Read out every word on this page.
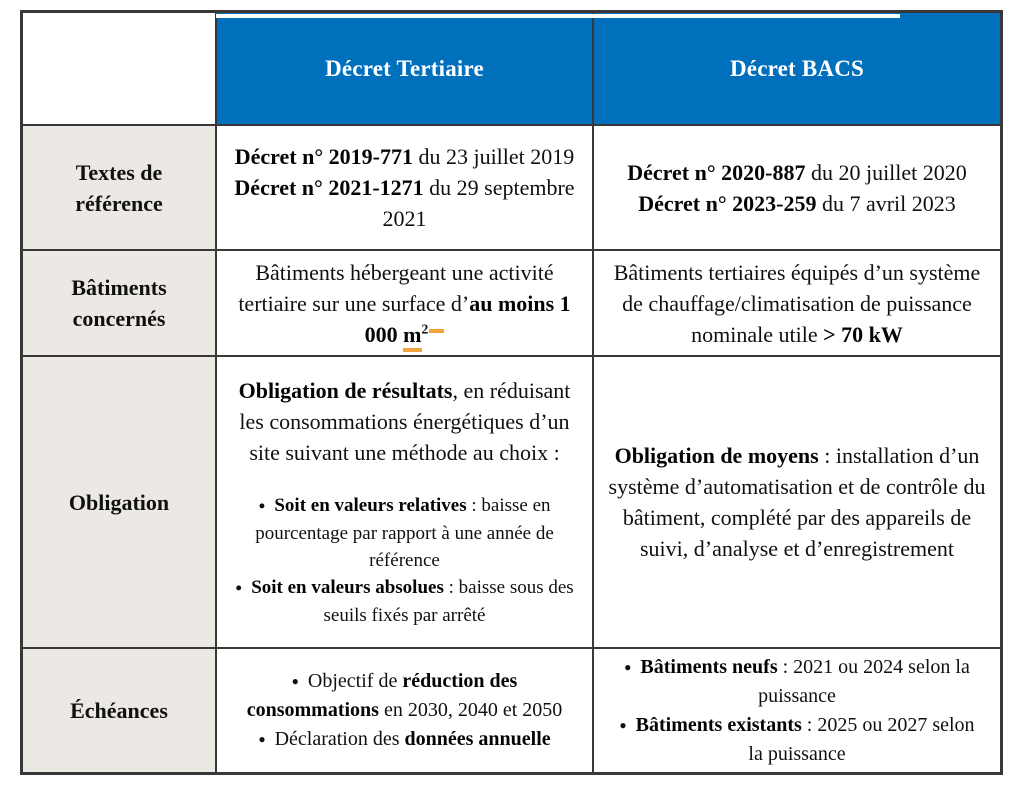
Décret Tertiaire	Décret BACS
Textes de référence
Décret n° 2019-771 du 23 juillet 2019
Décret n° 2021-1271 du 29 septembre 2021
Décret n° 2020-887 du 20 juillet 2020
Décret n° 2023-259 du 7 avril 2023
Bâtiments concernés
Bâtiments hébergeant une activité tertiaire sur une surface d’au moins 1 000 $m^2$
Bâtiments tertiaires équipés d’un système de chauffage/climatisation de puissance nominale utile > 70 kW
Obligation
Obligation de résultats, en réduisant les consommations énergétiques d’un site suivant une méthode au choix :
● Soit en valeurs relatives : baisse en pourcentage par rapport à une année de référence
● Soit en valeurs absolues : baisse sous des seuils fixés par arrêté
Obligation de moyens : installation d’un système d’automatisation et de contrôle du bâtiment, complété par des appareils de suivi, d’analyse et d’enregistrement
Échéances
● Objectif de réduction des consommations en 2030, 2040 et 2050
● Déclaration des données annuelle
● Bâtiments neufs : 2021 ou 2024 selon la puissance
● Bâtiments existants : 2025 ou 2027 selon la puissance
